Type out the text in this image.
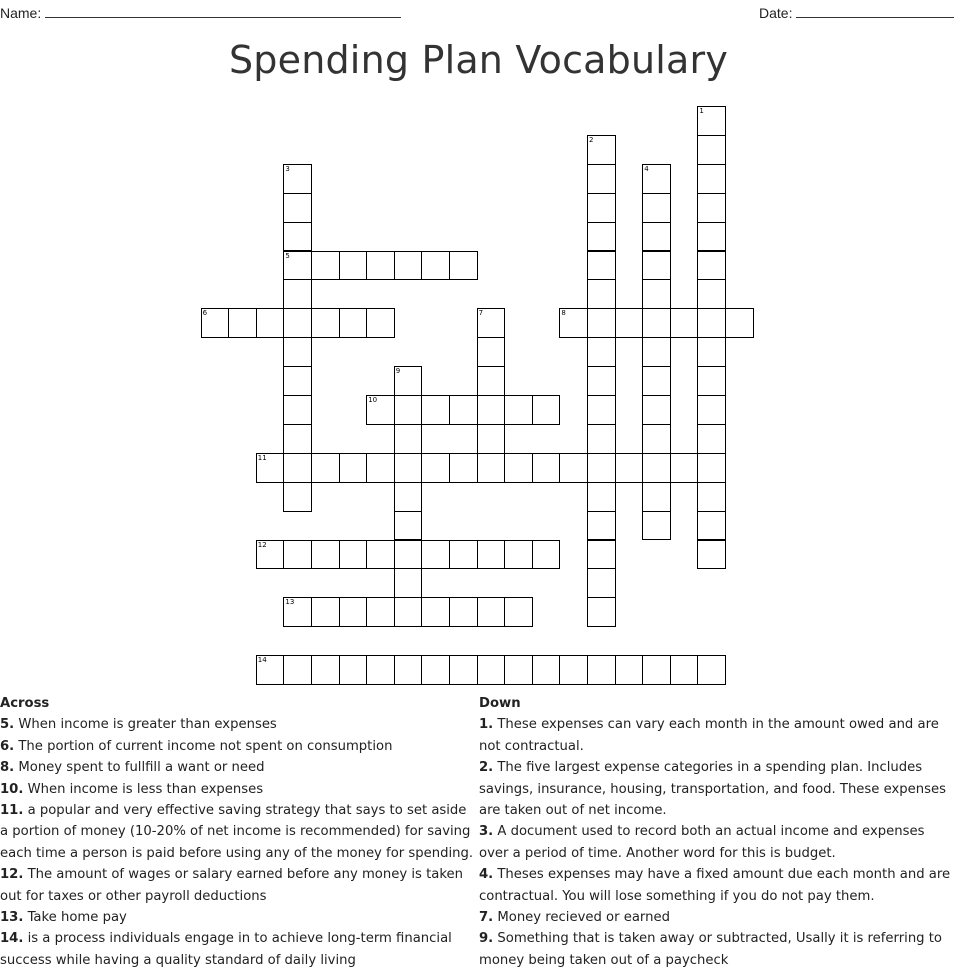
Name:	Date:
Spending Plan Vocabulary
1
2
3
5
4
6	7	8
9
10
11
12
13
14
Across
5. When income is greater than expenses
6. The portion of current income not spent on consumption
8. Money spent to fullfill a want or need
10. When income is less than expenses
11. a popular and very effective saving strategy that says to set aside a portion of money (10-20% of net income is recommended) for saving each time a person is paid before using any of the money for spending.
12. The amount of wages or salary earned before any money is taken out for taxes or other payroll deductions
13. Take home pay
14. is a process individuals engage in to achieve long-term financial success while having a quality standard of daily living
Down
1. These expenses can vary each month in the amount owed and are not contractual.
2. The five largest expense categories in a spending plan. Includes savings, insurance, housing, transportation, and food. These expenses are taken out of net income.
3. A document used to record both an actual income and expenses over a period of time. Another word for this is budget.
4. Theses expenses may have a fixed amount due each month and are contractual. You will lose something if you do not pay them.
7. Money recieved or earned
9. Something that is taken away or subtracted, Usally it is referring to money being taken out of a paycheck
